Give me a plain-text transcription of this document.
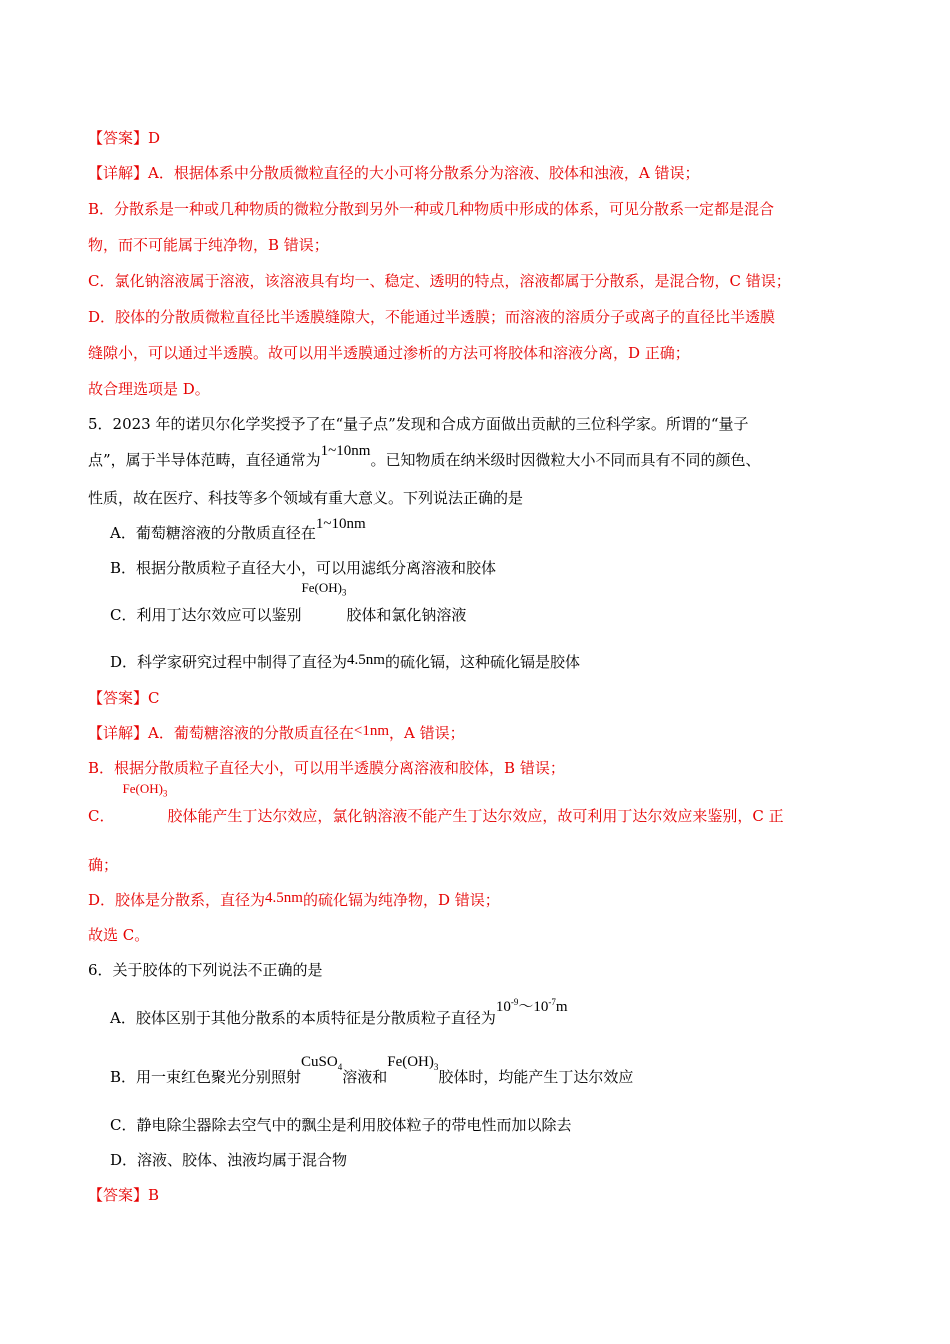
【答案】D
【详解】A．根据体系中分散质微粒直径的大小可将分散系分为溶液、胶体和浊液，A 错误；
B．分散系是一种或几种物质的微粒分散到另外一种或几种物质中形成的体系，可见分散系一定都是混合
物，而不可能属于纯净物，B 错误；
C．氯化钠溶液属于溶液，该溶液具有均一、稳定、透明的特点，溶液都属于分散系，是混合物，C 错误；
D．胶体的分散质微粒直径比半透膜缝隙大，不能通过半透膜；而溶液的溶质分子或离子的直径比半透膜
缝隙小，可以通过半透膜。故可以用半透膜通过渗析的方法可将胶体和溶液分离，D 正确；
故合理选项是 D。
5．2023 年的诺贝尔化学奖授予了在“量子点”发现和合成方面做出贡献的三位科学家。所谓的“量子
点”，属于半导体范畴，直径通常为1~10nm。已知物质在纳米级时因微粒大小不同而具有不同的颜色、
性质，故在医疗、科技等多个领域有重大意义。下列说法正确的是
A．葡萄糖溶液的分散质直径在1~10nm
B．根据分散质粒子直径大小，可以用滤纸分离溶液和胶体
C．利用丁达尔效应可以鉴别$Fe(OH)_3$胶体和氯化钠溶液
D．科学家研究过程中制得了直径为4.5nm的硫化镉，这种硫化镉是胶体
【答案】C
【详解】A．葡萄糖溶液的分散质直径在<1nm，A 错误；
B．根据分散质粒子直径大小，可以用半透膜分离溶液和胶体，B 错误；
C．$Fe(OH)_3$胶体能产生丁达尔效应，氯化钠溶液不能产生丁达尔效应，故可利用丁达尔效应来鉴别，C 正
确；
D．胶体是分散系，直径为4.5nm的硫化镉为纯净物，D 错误；
故选 C。
6．关于胶体的下列说法不正确的是
A．胶体区别于其他分散系的本质特征是分散质粒子直径为$10^{-9}\sim 10^{-7}m$
B．用一束红色聚光分别照射CuSO$_4$溶液和$Fe(OH)_3$胶体时，均能产生丁达尔效应
C．静电除尘器除去空气中的飘尘是利用胶体粒子的带电性而加以除去
D．溶液、胶体、浊液均属于混合物
【答案】B
